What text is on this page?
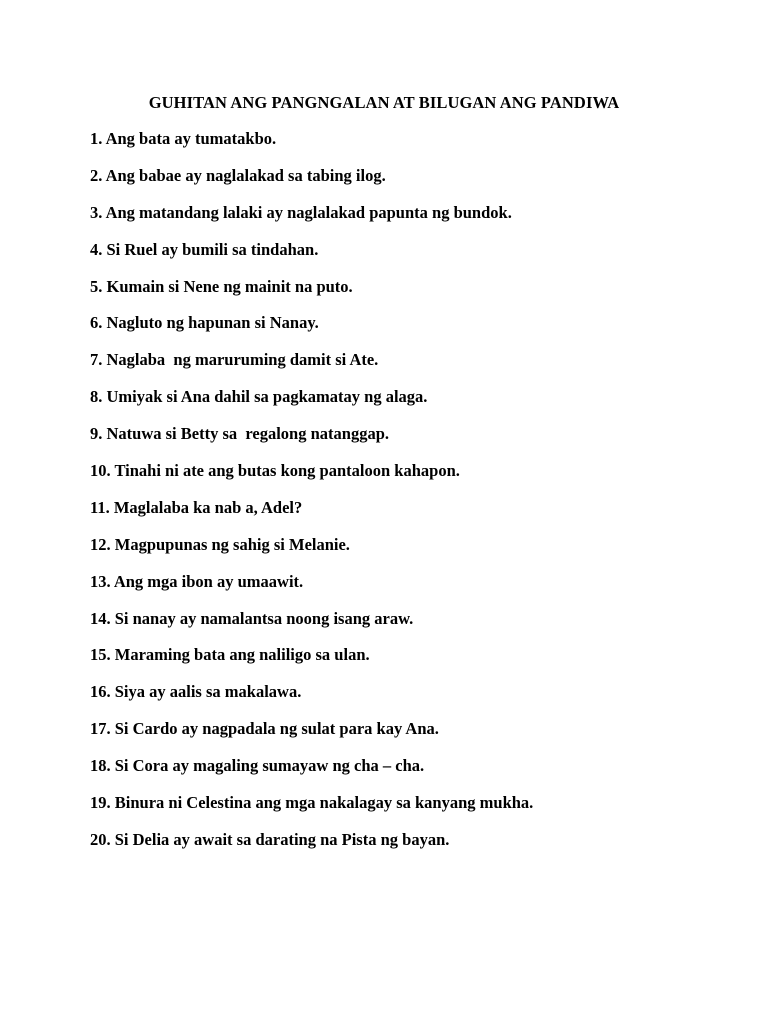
GUHITAN ANG PANGNGALAN AT BILUGAN ANG PANDIWA
1. Ang bata ay tumatakbo.
2. Ang babae ay naglalakad sa tabing ilog.
3. Ang matandang lalaki ay naglalakad papunta ng bundok.
4. Si Ruel ay bumili sa tindahan.
5. Kumain si Nene ng mainit na puto.
6. Nagluto ng hapunan si Nanay.
7. Naglaba  ng maruruming damit si Ate.
8. Umiyak si Ana dahil sa pagkamatay ng alaga.
9. Natuwa si Betty sa  regalong natanggap.
10. Tinahi ni ate ang butas kong pantaloon kahapon.
11. Maglalaba ka nab a, Adel?
12. Magpupunas ng sahig si Melanie.
13. Ang mga ibon ay umaawit.
14. Si nanay ay namalantsa noong isang araw.
15. Maraming bata ang naliligo sa ulan.
16. Siya ay aalis sa makalawa.
17. Si Cardo ay nagpadala ng sulat para kay Ana.
18. Si Cora ay magaling sumayaw ng cha – cha.
19. Binura ni Celestina ang mga nakalagay sa kanyang mukha.
20. Si Delia ay await sa darating na Pista ng bayan.
